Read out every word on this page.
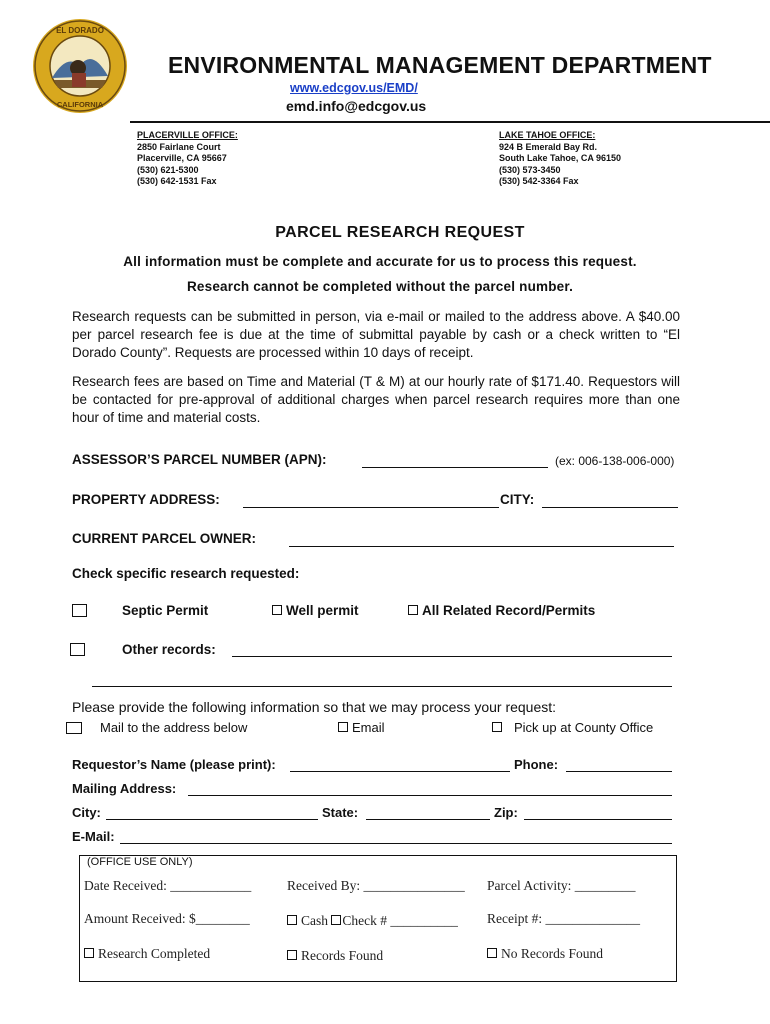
EL DORADO
CALIFORNIA
ENVIRONMENTAL MANAGEMENT DEPARTMENT
www.edcgov.us/EMD/
emd.info@edcgov.us
PLACERVILLE OFFICE:
2850 Fairlane Court
Placerville, CA 95667
(530) 621-5300
(530) 642-1531 Fax
LAKE TAHOE OFFICE:
924 B Emerald Bay Rd.
South Lake Tahoe, CA 96150
(530) 573-3450
(530) 542-3364 Fax
PARCEL RESEARCH REQUEST
All information must be complete and accurate for us to process this request.
Research cannot be completed without the parcel number.
Research requests can be submitted in person, via e-mail or mailed to the address above. A $40.00 per parcel research fee is due at the time of submittal payable by cash or a check written to “El Dorado County”. Requests are processed within 10 days of receipt.
Research fees are based on Time and Material (T & M) at our hourly rate of $171.40. Requestors will be contacted for pre-approval of additional charges when parcel research requires more than one hour of time and material costs.
ASSESSOR’S PARCEL NUMBER (APN):	(ex: 006-138-006-000)
PROPERTY ADDRESS:	CITY:
CURRENT PARCEL OWNER:
Check specific research requested:
Septic Permit	Well permit	All Related Record/Permits
Other records:
Please provide the following information so that we may process your request:
Mail to the address below	Email	Pick up at County Office
Requestor’s Name (please print):	Phone:
Mailing Address:
City:	State:	Zip:
E-Mail:
(OFFICE USE ONLY)
Date Received: ____________	Received By: _______________ Parcel Activity: _________
Amount Received: $________	Cash Check # __________ Receipt #: ______________
Research Completed	Records Found	No Records Found
